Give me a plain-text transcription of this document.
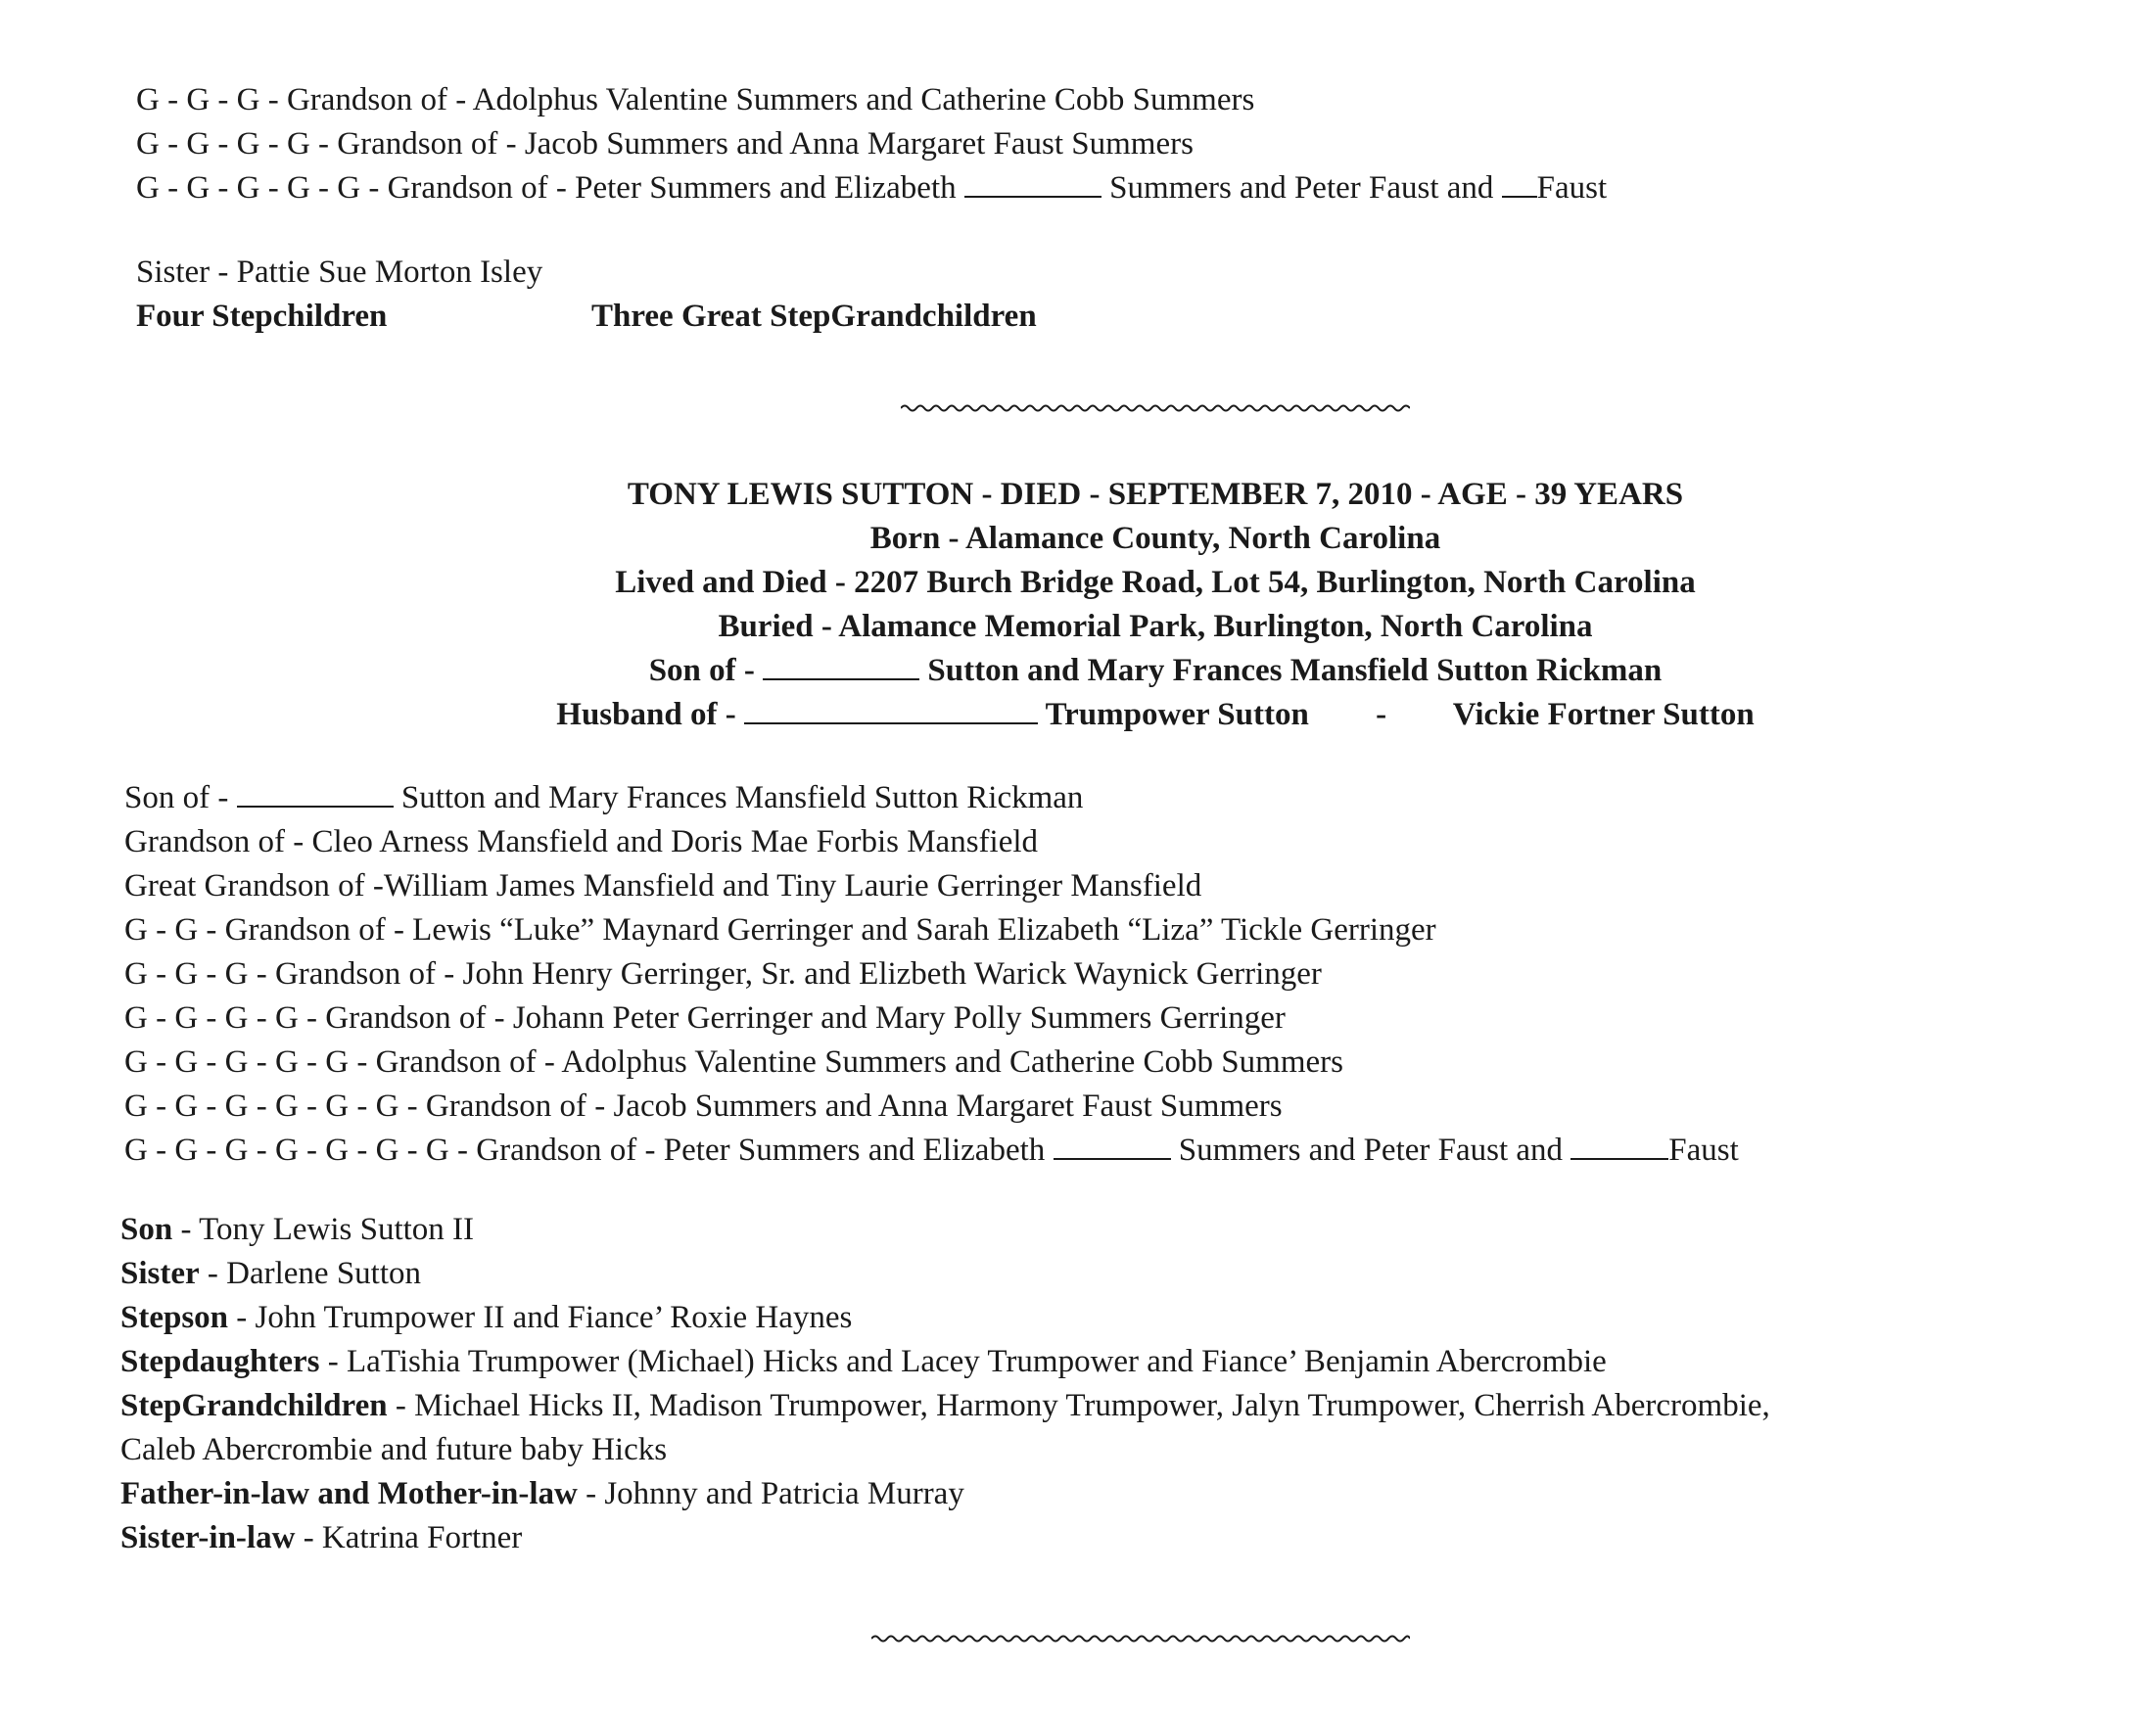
G - G - G - Grandson of - Adolphus Valentine Summers and Catherine Cobb Summers
G - G - G - G - Grandson of - Jacob Summers and Anna Margaret Faust Summers
G - G - G - G - G - Grandson of - Peter Summers and Elizabeth	Summers and Peter Faust and Faust
Sister - Pattie Sue Morton Isley
Four Stepchildren	Three Great StepGrandchildren
TONY LEWIS SUTTON - DIED - SEPTEMBER 7, 2010 - AGE - 39 YEARS
Born - Alamance County, North Carolina
Lived and Died - 2207 Burch Bridge Road, Lot 54, Burlington, North Carolina
Buried - Alamance Memorial Park, Burlington, North Carolina
Son of -	Sutton and Mary Frances Mansfield Sutton Rickman
Husband of -	Trumpower Sutton - Vickie Fortner Sutton
Son of -	Sutton and Mary Frances Mansfield Sutton Rickman
Grandson of - Cleo Arness Mansfield and Doris Mae Forbis Mansfield
Great Grandson of -William James Mansfield and Tiny Laurie Gerringer Mansfield
G - G - Grandson of - Lewis “Luke” Maynard Gerringer and Sarah Elizabeth “Liza” Tickle Gerringer
G - G - G - Grandson of - John Henry Gerringer, Sr. and Elizbeth Warick Waynick Gerringer
G - G - G - G - Grandson of - Johann Peter Gerringer and Mary Polly Summers Gerringer
G - G - G - G - G - Grandson of - Adolphus Valentine Summers and Catherine Cobb Summers
G - G - G - G - G - G - Grandson of - Jacob Summers and Anna Margaret Faust Summers
G - G - G - G - G - G - G - Grandson of - Peter Summers and Elizabeth	Summers and Peter Faust and	Faust
Son - Tony Lewis Sutton II
Sister - Darlene Sutton
Stepson - John Trumpower II and Fiance’ Roxie Haynes
Stepdaughters - LaTishia Trumpower (Michael) Hicks and Lacey Trumpower and Fiance’ Benjamin Abercrombie
StepGrandchildren - Michael Hicks II, Madison Trumpower, Harmony Trumpower, Jalyn Trumpower, Cherrish Abercrombie,
Caleb Abercrombie and future baby Hicks
Father-in-law and Mother-in-law - Johnny and Patricia Murray
Sister-in-law - Katrina Fortner
